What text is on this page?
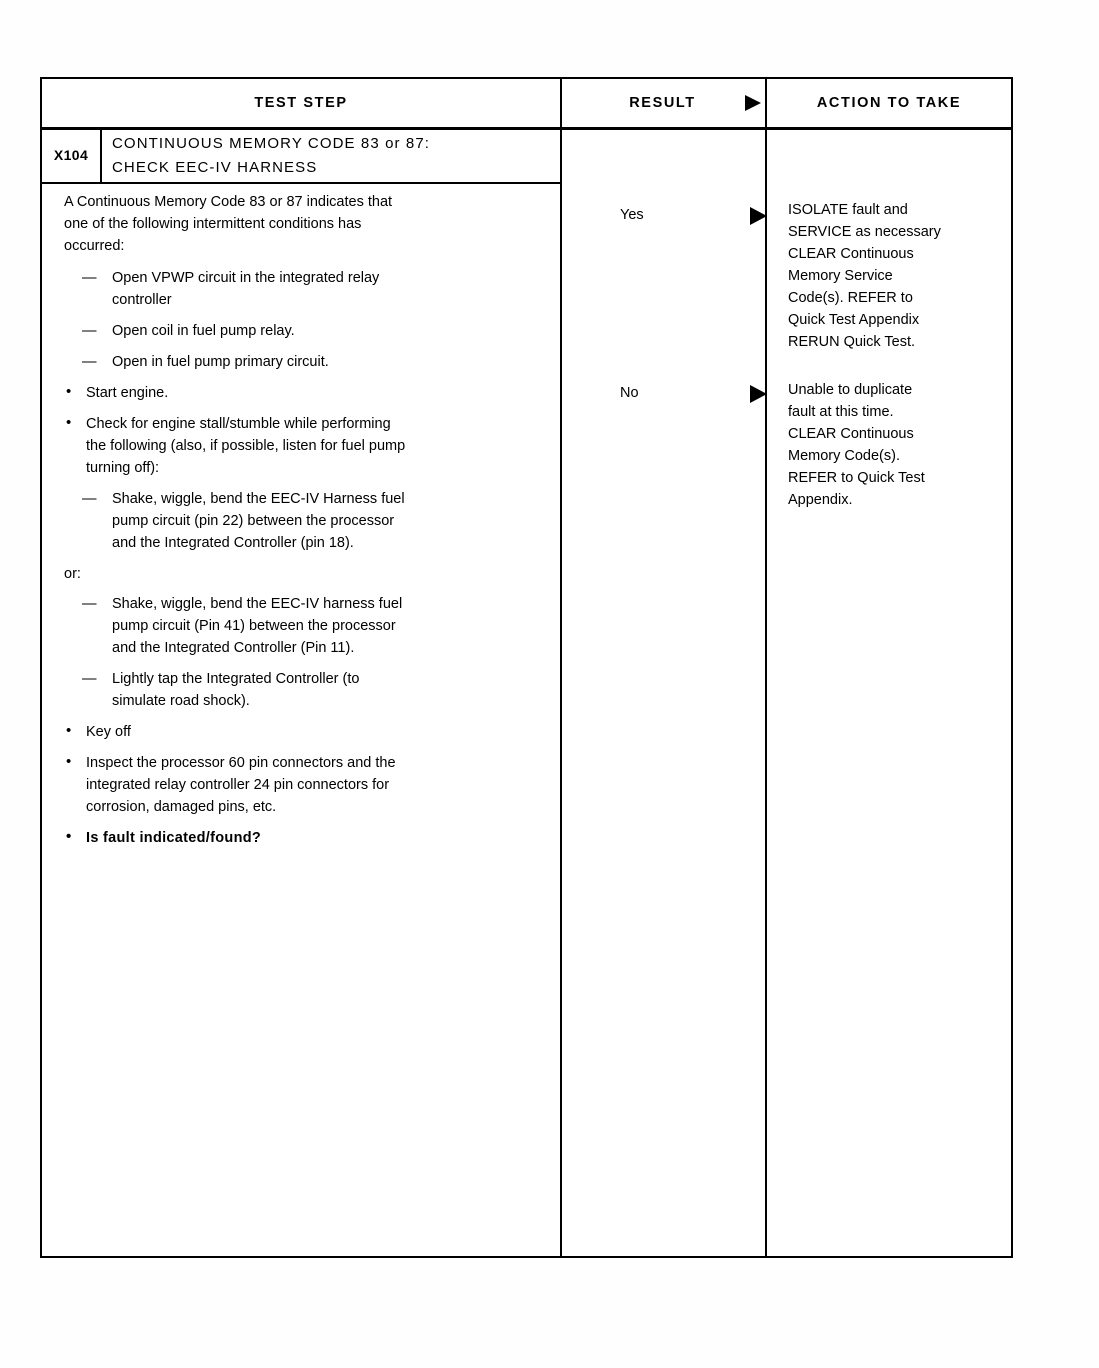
TEST STEP	RESULT	ACTION TO TAKE
X104
CONTINUOUS MEMORY CODE 83 or 87:
CHECK EEC-IV HARNESS
A Continuous Memory Code 83 or 87 indicates that
one of the following intermittent conditions has
occurred:
— Open VPWP circuit in the integrated relay
controller
— Open coil in fuel pump relay.
— Open in fuel pump primary circuit.
• Start engine.
• Check for engine stall/stumble while performing
the following (also, if possible, listen for fuel pump
turning off):
— Shake, wiggle, bend the EEC-IV Harness fuel
pump circuit (pin 22) between the processor
and the Integrated Controller (pin 18).
or:
— Shake, wiggle, bend the EEC-IV harness fuel
pump circuit (Pin 41) between the processor
and the Integrated Controller (Pin 11).
— Lightly tap the Integrated Controller (to
simulate road shock).
• Key off
• Inspect the processor 60 pin connectors and the
integrated relay controller 24 pin connectors for
corrosion, damaged pins, etc.
• Is fault indicated/found?
Yes
No
ISOLATE fault and
SERVICE as necessary
CLEAR Continuous
Memory Service
Code(s). REFER to
Quick Test Appendix
RERUN Quick Test.
Unable to duplicate
fault at this time.
CLEAR Continuous
Memory Code(s).
REFER to Quick Test
Appendix.
